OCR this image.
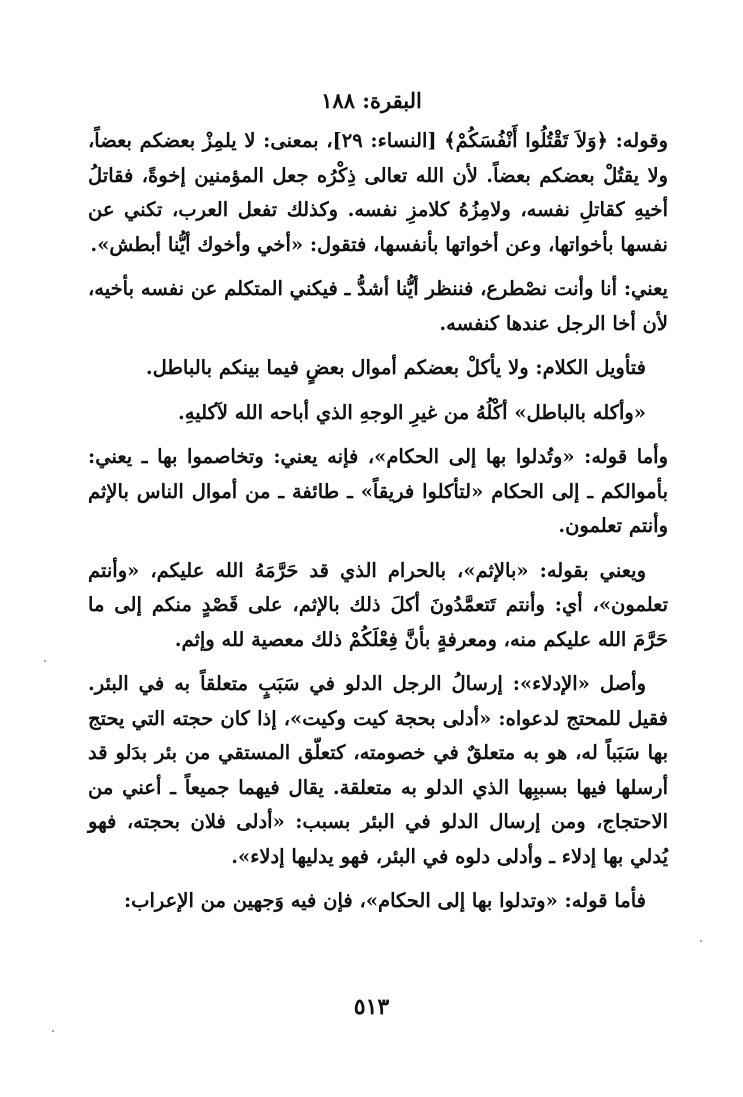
البقرة: ١٨٨

وقوله: ﴿وَلاَ تَقْتُلُوا أَنْفُسَكُمْ﴾ [النساء: ٢٩]، بمعنى: لا يلمِزْ بعضكم بعضاً، ولا يقتُلْ بعضكم بعضاً. لأن الله تعالى ذِكْرُه جعل المؤمنين إخوةً، فقاتلُ أخيهِ كقاتلِ نفسه، ولامِزُهُ كلامزِ نفسه. وكذلك تفعل العرب، تكني عن نفسها بأخواتها، وعن أخواتها بأنفسها، فتقول: «أخي وأخوك أيُّنا أبطش».

يعني: أنا وأنت نصْطرع، فننظر أيُّنا أشدُّ ـ فيكني المتكلم عن نفسه بأخيه، لأن أخا الرجل عندها كنفسه.

فتأويل الكلام: ولا يأكلْ بعضكم أموال بعضٍ فيما بينكم بالباطل.

«وأكله بالباطل» أكْلُهُ من غيرِ الوجهِ الذي أباحه الله لآكليهِ.

وأما قوله: «وتُدلوا بها إلى الحكام»، فإنه يعني: وتخاصموا بها ـ يعني: بأموالكم ـ إلى الحكام «لتأكلوا فريقاً» ـ طائفة ـ من أموال الناس بالإثم وأنتم تعلمون.

ويعني بقوله: «بالإثم»، بالحرام الذي قد حَرَّمَهُ الله عليكم، «وأنتم تعلمون»، أي: وأنتم تَتعمَّدُونَ أكلَ ذلك بالإثم، على قَصْدٍ منكم إلى ما حَرَّمَ الله عليكم منه، ومعرفةٍ بأنَّ فِعْلَكُمْ ذلك معصية لله وإثم.

وأصل «الإدلاء»: إرسالُ الرجل الدلو في سَبَبٍ متعلقاً به في البئر. فقيل للمحتج لدعواه: «أدلى بحجة كيت وكيت»، إذا كان حجته التي يحتج بها سَبَباً له، هو به متعلقٌ في خصومته، كتعلّق المستقي من بئر بدَلو قد أرسلها فيها بسببِها الذي الدلو به متعلقة. يقال فيهما جميعاً ـ أعني من الاحتجاج، ومن إرسال الدلو في البئر بسبب: «أدلى فلان بحجته، فهو يُدلي بها إدلاء ـ وأدلى دلوه في البئر، فهو يدليها إدلاء».

فأما قوله: «وتدلوا بها إلى الحكام»، فإن فيه وَجهين من الإعراب:

٥١٣
